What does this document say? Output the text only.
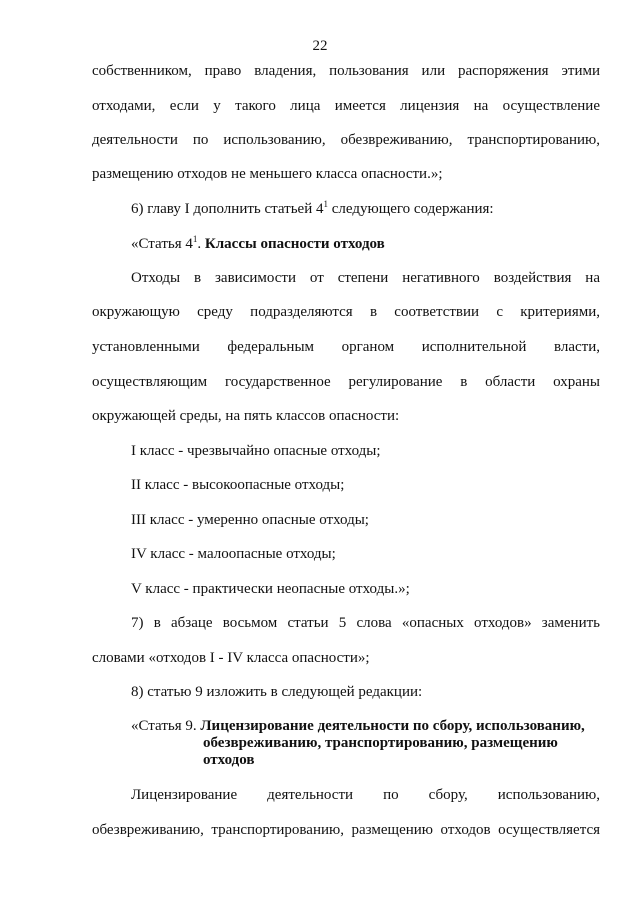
22
собственником, право владения, пользования или распоряжения этими
отходами, если у такого лица имеется лицензия на осуществление
деятельности по использованию, обезвреживанию, транспортированию,
размещению отходов не меньшего класса опасности.»;
6) главу I дополнить статьей $4^1$ следующего содержания:
«Статья $4^1$. Классы опасности отходов
Отходы в зависимости от степени негативного воздействия на
окружающую среду подразделяются в соответствии с критериями,
установленными федеральным органом исполнительной власти,
осуществляющим государственное регулирование в области охраны
окружающей среды, на пять классов опасности:
I класс - чрезвычайно опасные отходы;
II класс - высокоопасные отходы;
III класс - умеренно опасные отходы;
IV класс - малоопасные отходы;
V класс - практически неопасные отходы.»;
7) в абзаце восьмом статьи 5 слова «опасных отходов» заменить
словами «отходов I - IV класса опасности»;
8) статью 9 изложить в следующей редакции:
«Статья 9. Лицензирование деятельности по сбору, использованию,
обезвреживанию, транспортированию, размещению
отходов
Лицензирование деятельности по сбору, использованию,
обезвреживанию, транспортированию, размещению отходов осуществляется
